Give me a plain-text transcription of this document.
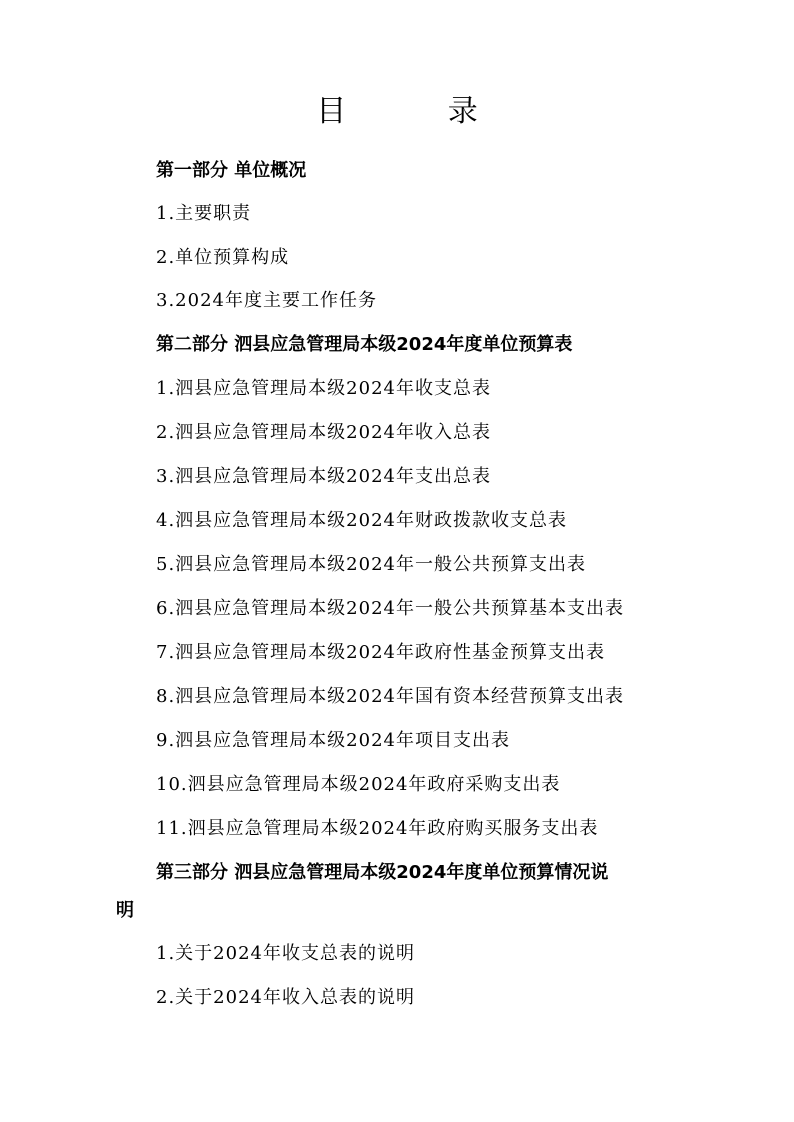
目 录

第一部分 单位概况

1.主要职责

2.单位预算构成

3.2024年度主要工作任务

第二部分 泗县应急管理局本级2024年度单位预算表

1.泗县应急管理局本级2024年收支总表

2.泗县应急管理局本级2024年收入总表

3.泗县应急管理局本级2024年支出总表

4.泗县应急管理局本级2024年财政拨款收支总表

5.泗县应急管理局本级2024年一般公共预算支出表

6.泗县应急管理局本级2024年一般公共预算基本支出表

7.泗县应急管理局本级2024年政府性基金预算支出表

8.泗县应急管理局本级2024年国有资本经营预算支出表

9.泗县应急管理局本级2024年项目支出表

10.泗县应急管理局本级2024年政府采购支出表

11.泗县应急管理局本级2024年政府购买服务支出表

第三部分 泗县应急管理局本级2024年度单位预算情况说

明

1.关于2024年收支总表的说明

2.关于2024年收入总表的说明
